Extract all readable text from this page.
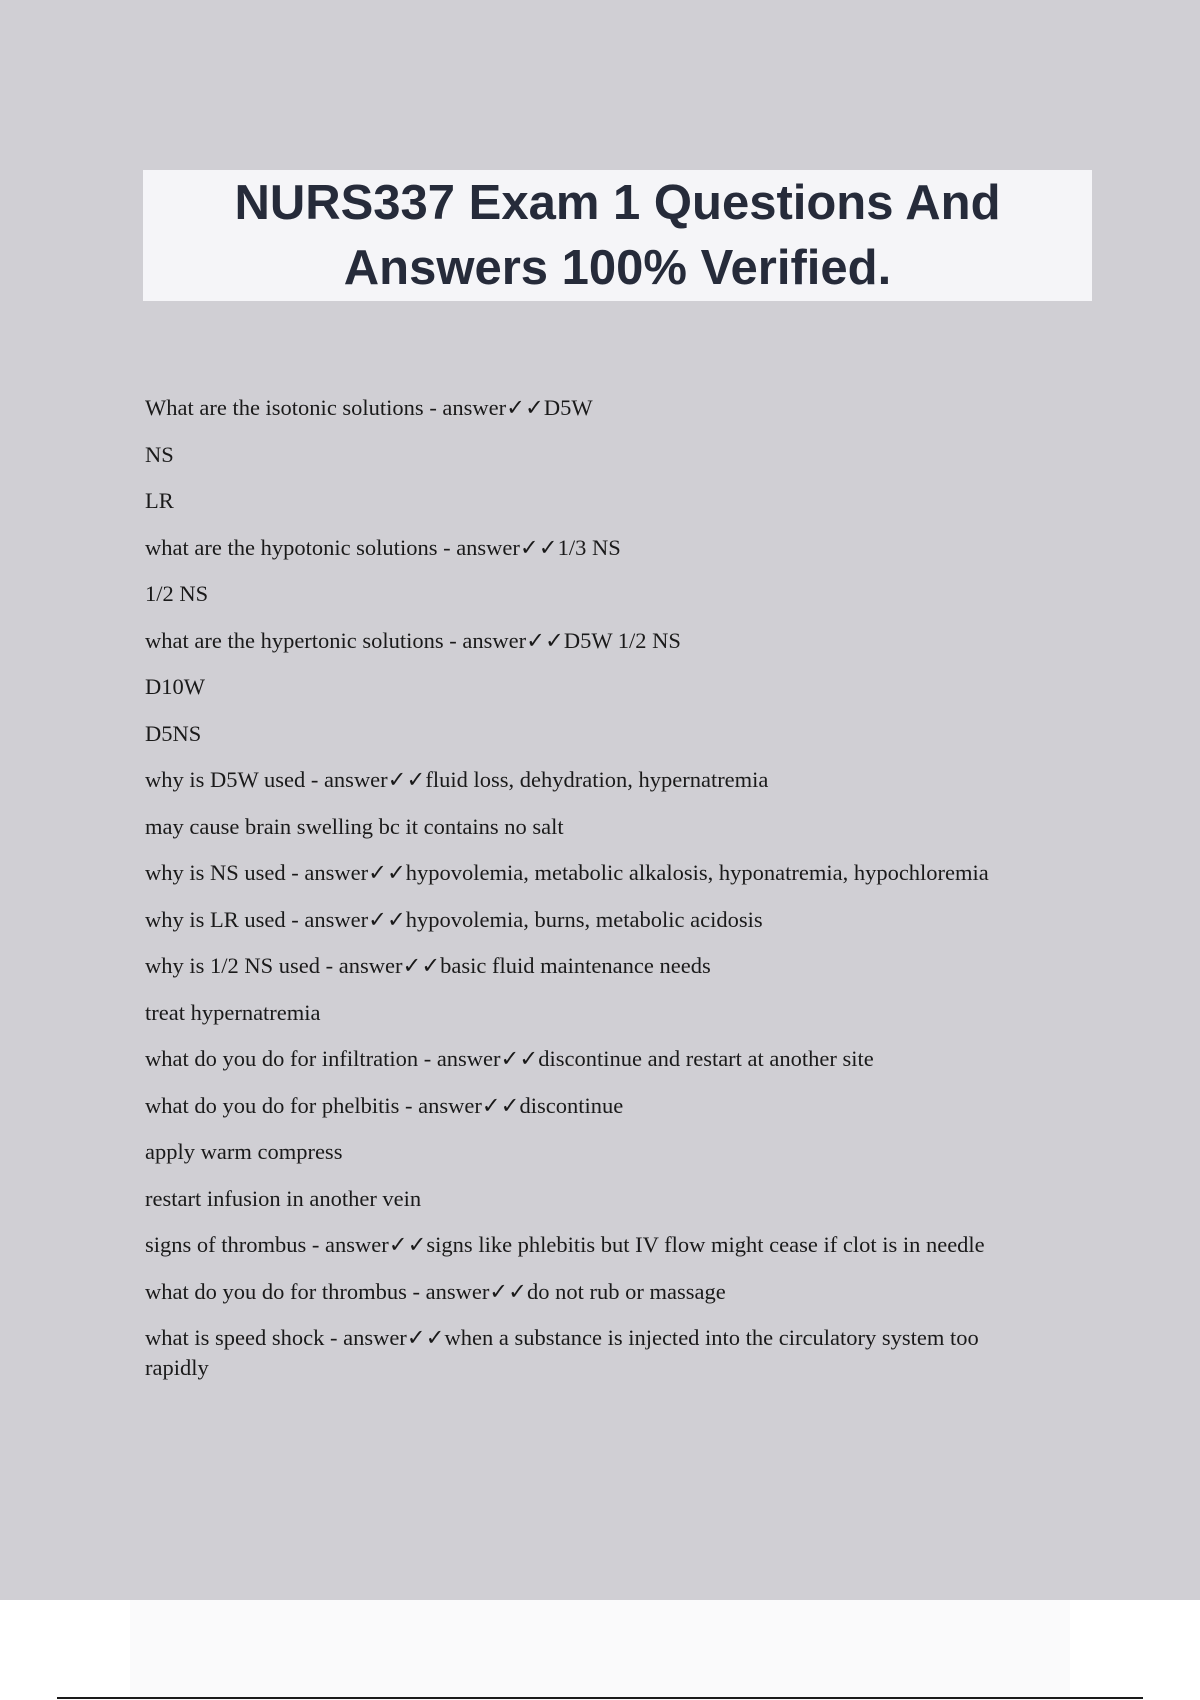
NURS337 Exam 1 Questions And Answers 100% Verified.

What are the isotonic solutions - answer✓✓D5W

NS

LR

what are the hypotonic solutions - answer✓✓1/3 NS

1/2 NS

what are the hypertonic solutions - answer✓✓D5W 1/2 NS

D10W

D5NS

why is D5W used - answer✓✓fluid loss, dehydration, hypernatremia

may cause brain swelling bc it contains no salt

why is NS used - answer✓✓hypovolemia, metabolic alkalosis, hyponatremia, hypochloremia

why is LR used - answer✓✓hypovolemia, burns, metabolic acidosis

why is 1/2 NS used - answer✓✓basic fluid maintenance needs

treat hypernatremia

what do you do for infiltration - answer✓✓discontinue and restart at another site

what do you do for phelbitis - answer✓✓discontinue

apply warm compress

restart infusion in another vein

signs of thrombus - answer✓✓signs like phlebitis but IV flow might cease if clot is in needle

what do you do for thrombus - answer✓✓do not rub or massage

what is speed shock - answer✓✓when a substance is injected into the circulatory system too

rapidly
